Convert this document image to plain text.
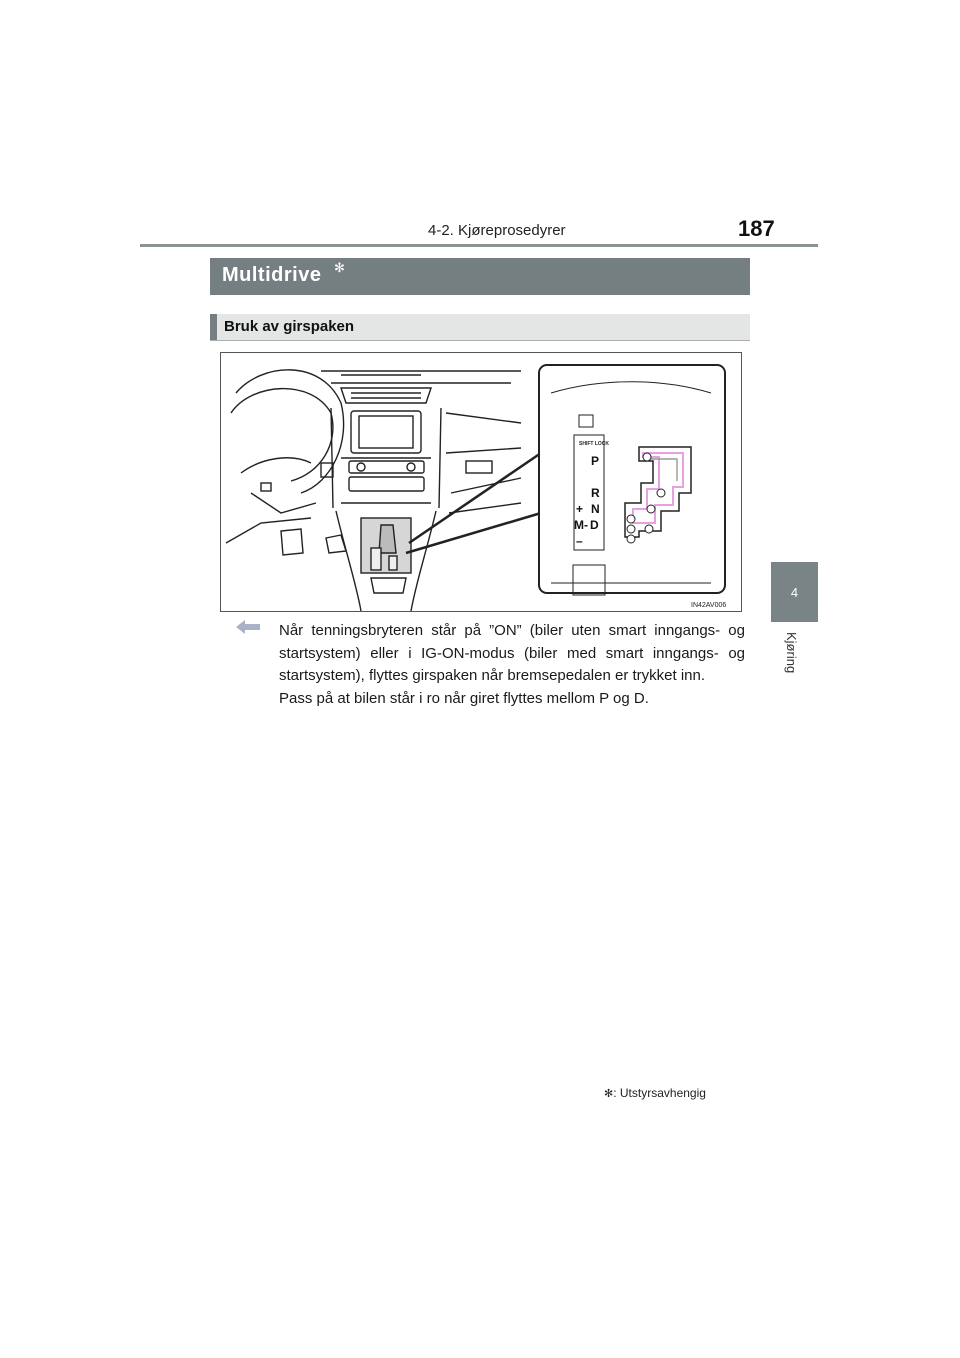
4-2. Kjøreprosedyrer	187
4
Kjøring
Multidrive ✻
Bruk av girspaken
SHIFT LOCK
P
R
N
+
M - D
–
IN42AV006

Når tenningsbryteren står på ”ON” (biler uten smart inngangs- og startsystem) eller i IG-ON-modus (biler med smart inngangs- og startsystem), flyttes girspaken når bremsepedalen er trykket inn.

Pass på at bilen står i ro når giret flyttes mellom P og D.

✻: Utstyrsavhengig
